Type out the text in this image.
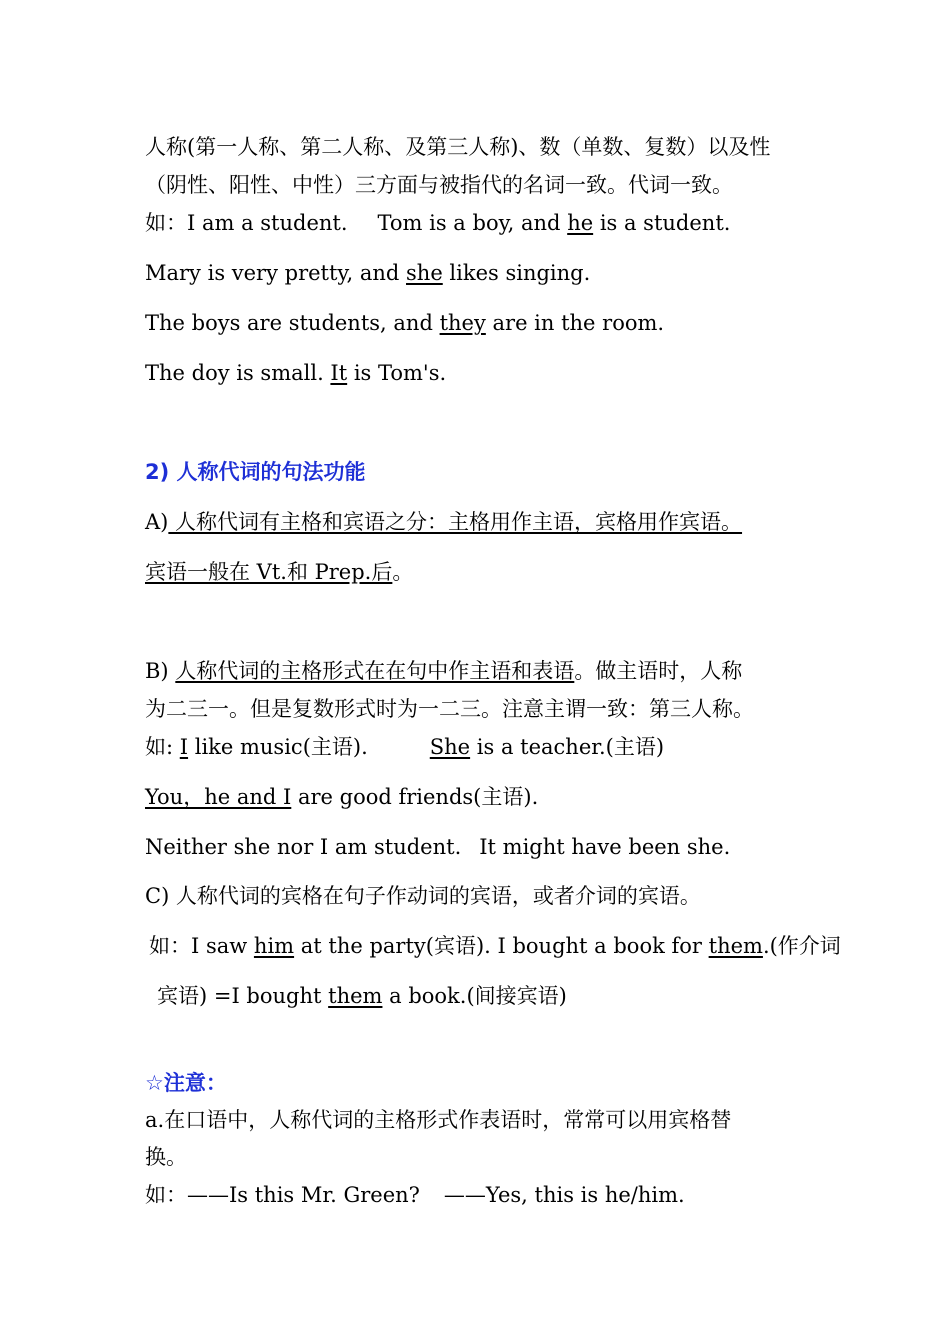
人称(第一人称、第二人称、及第三人称)、数（单数、复数）以及性
（阴性、阳性、中性）三方面与被指代的名词一致。代词一致。
如：I am a student. Tom is a boy, and he is a student.
Mary is very pretty, and she likes singing.
The boys are students, and they are in the room.
The doy is small. It is Tom's.
2) 人称代词的句法功能
A) 人称代词有主格和宾语之分：主格用作主语，宾格用作宾语。
宾语一般在 Vt.和 Prep.后。
B) 人称代词的主格形式在在句中作主语和表语。做主语时，人称
为二三一。但是复数形式时为一二三。注意主谓一致：第三人称。
如: I like music(主语).	She is a teacher.(主语)
You，he and I are good friends(主语).
Neither she nor I am student. It might have been she.
C) 人称代词的宾格在句子作动词的宾语，或者介词的宾语。
如：I saw him at the party(宾语). I bought a book for them.(作介词
宾语) =I bought them a book.(间接宾语)
☆注意：
a.在口语中，人称代词的主格形式作表语时，常常可以用宾格替
换。
如：——Is this Mr. Green? ——Yes, this is he/him.
